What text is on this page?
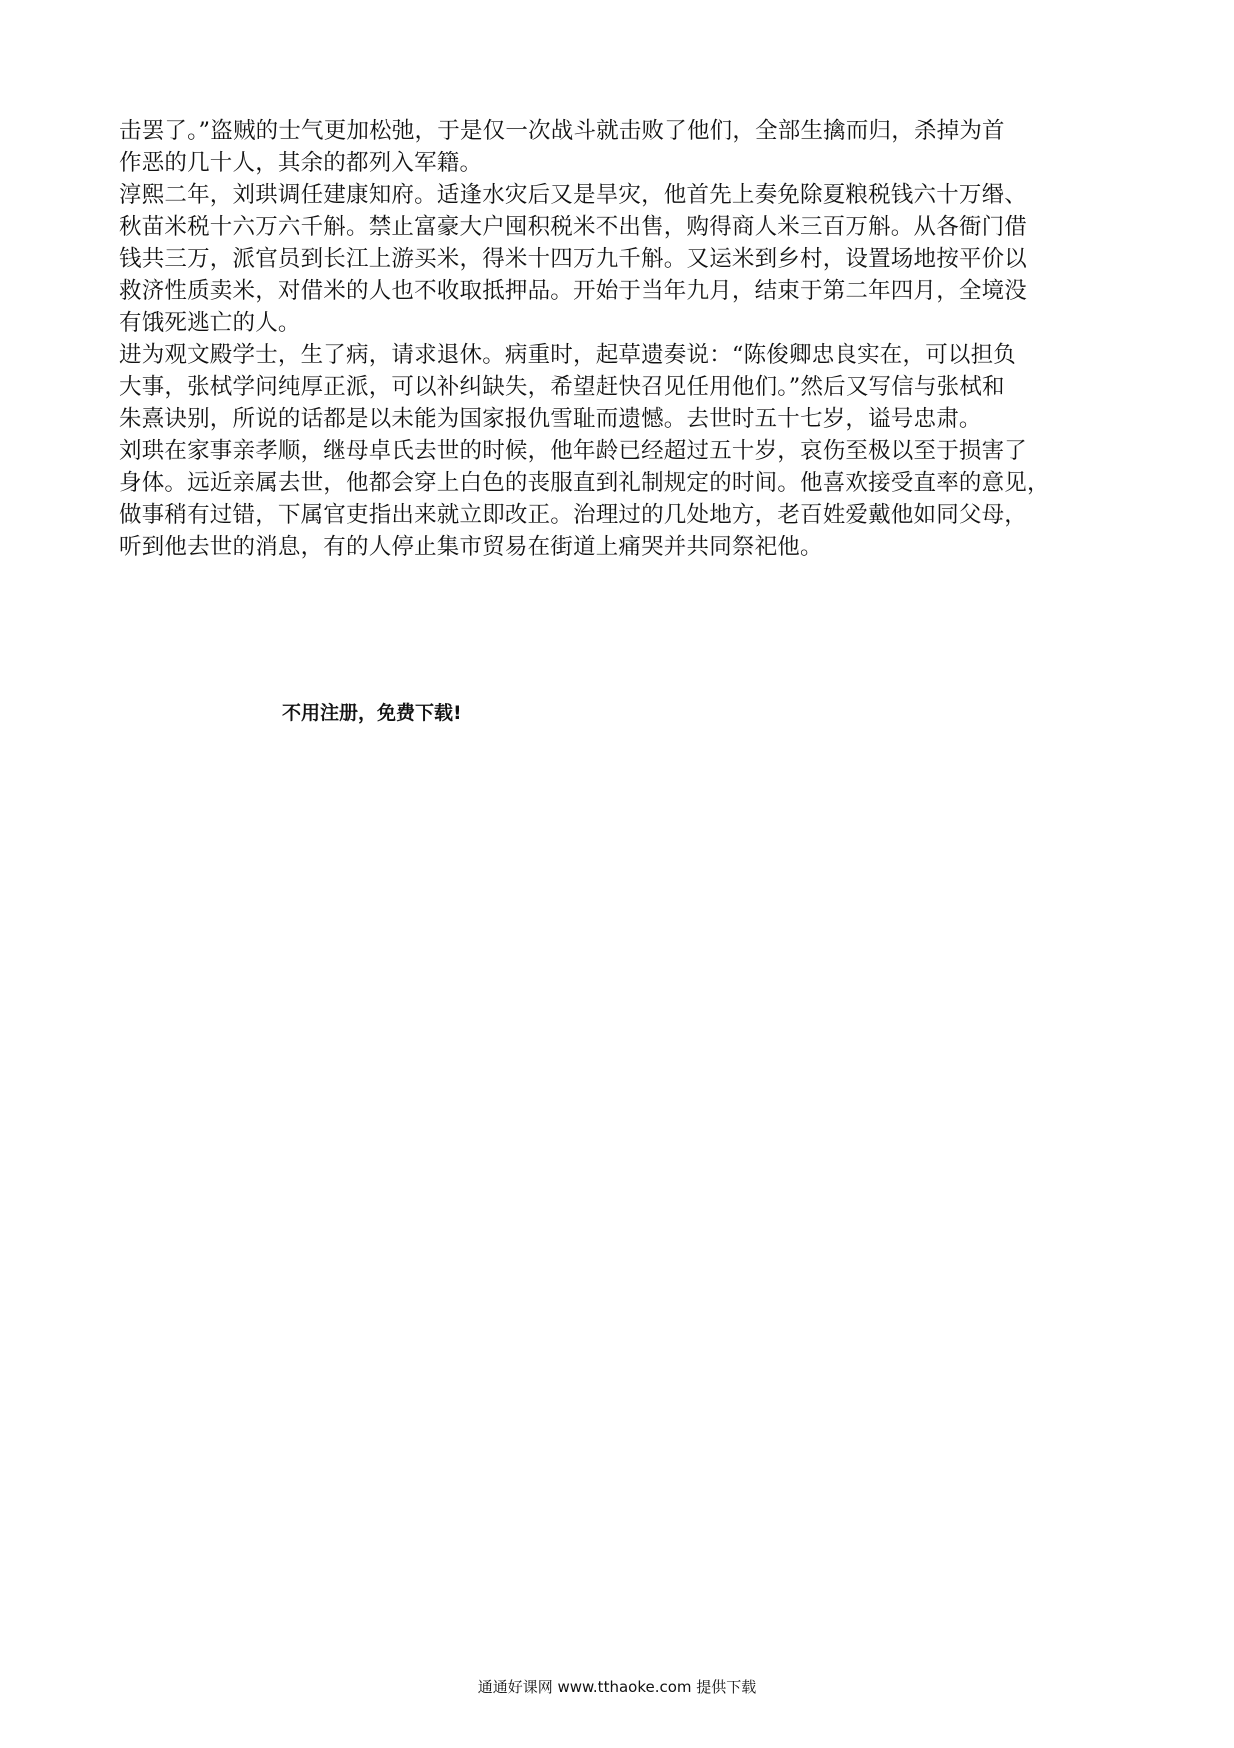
击罢了。”盗贼的士气更加松弛，于是仅一次战斗就击败了他们，全部生擒而归，杀掉为首
作恶的几十人，其余的都列入军籍。
淳熙二年，刘珙调任建康知府。适逢水灾后又是旱灾，他首先上奏免除夏粮税钱六十万缗、
秋苗米税十六万六千斛。禁止富豪大户囤积税米不出售，购得商人米三百万斛。从各衙门借
钱共三万，派官员到长江上游买米，得米十四万九千斛。又运米到乡村，设置场地按平价以
救济性质卖米，对借米的人也不收取抵押品。开始于当年九月，结束于第二年四月，全境没
有饿死逃亡的人。
进为观文殿学士，生了病，请求退休。病重时，起草遗奏说：“陈俊卿忠良实在，可以担负
大事，张栻学问纯厚正派，可以补纠缺失，希望赶快召见任用他们。”然后又写信与张栻和
朱熹诀别，所说的话都是以未能为国家报仇雪耻而遗憾。去世时五十七岁，谥号忠肃。
刘珙在家事亲孝顺，继母卓氏去世的时候，他年龄已经超过五十岁，哀伤至极以至于损害了
身体。远近亲属去世，他都会穿上白色的丧服直到礼制规定的时间。他喜欢接受直率的意见，
做事稍有过错，下属官吏指出来就立即改正。治理过的几处地方，老百姓爱戴他如同父母，
听到他去世的消息，有的人停止集市贸易在街道上痛哭并共同祭祀他。
不用注册，免费下载!
通通好课网 www.tthaoke.com 提供下载
